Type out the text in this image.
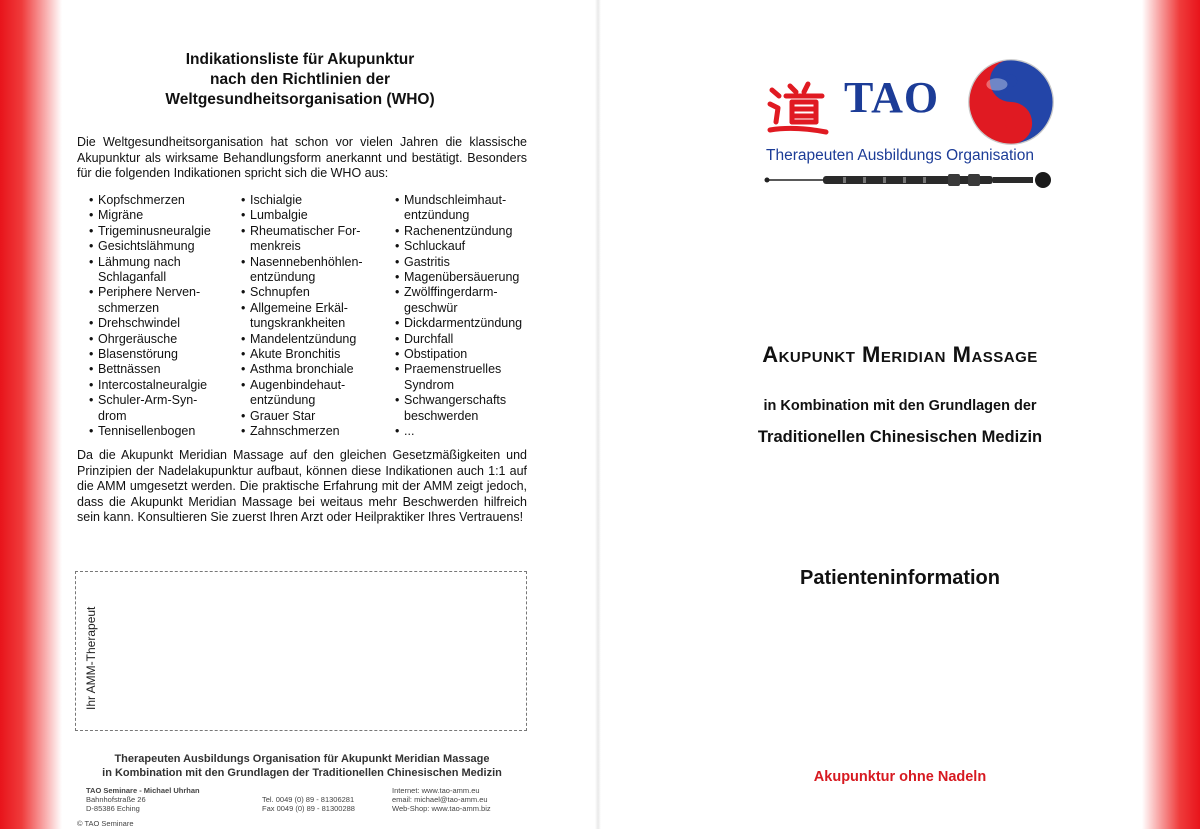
Indikationsliste für Akupunktur
nach den Richtlinien der
Weltgesundheitsorganisation (WHO)
Die Weltgesundheitsorganisation hat schon vor vielen Jahren die klassische Akupunktur als wirksame Behandlungsform anerkannt und bestätigt. Besonders für die folgenden Indikationen spricht sich die WHO aus:
• Kopfschmerzen
• Migräne
• Trigeminusneuralgie
• Gesichtslähmung
• Lähmung nach
Schlaganfall
• Periphere Nerven-
schmerzen
• Drehschwindel
• Ohrgeräusche
• Blasenstörung
• Bettnässen
• Intercostalneuralgie
• Schuler-Arm-Syn-
drom
• Tennisellenbogen
• Ischialgie
• Lumbalgie
• Rheumatischer For-
menkreis
• Nasennebenhöhlen-
entzündung
• Schnupfen
• Allgemeine Erkäl-
tungskrankheiten
• Mandelentzündung
• Akute Bronchitis
• Asthma bronchiale
• Augenbindehaut-
entzündung
• Grauer Star
• Zahnschmerzen
• Mundschleimhaut-
entzündung
• Rachenentzündung
• Schluckauf
• Gastritis
• Magenübersäuerung
• Zwölffingerdarm-
geschwür
• Dickdarmentzündung
• Durchfall
• Obstipation
• Praemenstruelles
Syndrom
• Schwangerschafts
beschwerden
• ...
Da die Akupunkt Meridian Massage auf den gleichen Gesetzmäßigkeiten und Prinzipien der Nadelakupunktur aufbaut, können diese Indikationen auch 1:1 auf die AMM umgesetzt werden. Die praktische Erfahrung mit der AMM zeigt jedoch, dass die Akupunkt Meridian Massage bei weitaus mehr Beschwerden hilfreich sein kann. Konsultieren Sie zuerst Ihren Arzt oder Heilpraktiker Ihres Vertrauens!
Ihr AMM-Therapeut
Therapeuten Ausbildungs Organisation für Akupunkt Meridian Massage
in Kombination mit den Grundlagen der Traditionellen Chinesischen Medizin
TAO Seminare - Michael Uhrhan
Bahnhofstraße 26
D-85386 Eching

Tel. 0049 (0) 89 - 81306281
Fax 0049 (0) 89 - 81300288
Internet: www.tao-amm.eu
email: michael@tao-amm.eu
Web-Shop: www.tao-amm.biz
© TAO Seminare
TAO
Therapeuten Ausbildungs Organisation
Akupunkt Meridian Massage
in Kombination mit den Grundlagen der
Traditionellen Chinesischen Medizin
Patienteninformation
Akupunktur ohne Nadeln
